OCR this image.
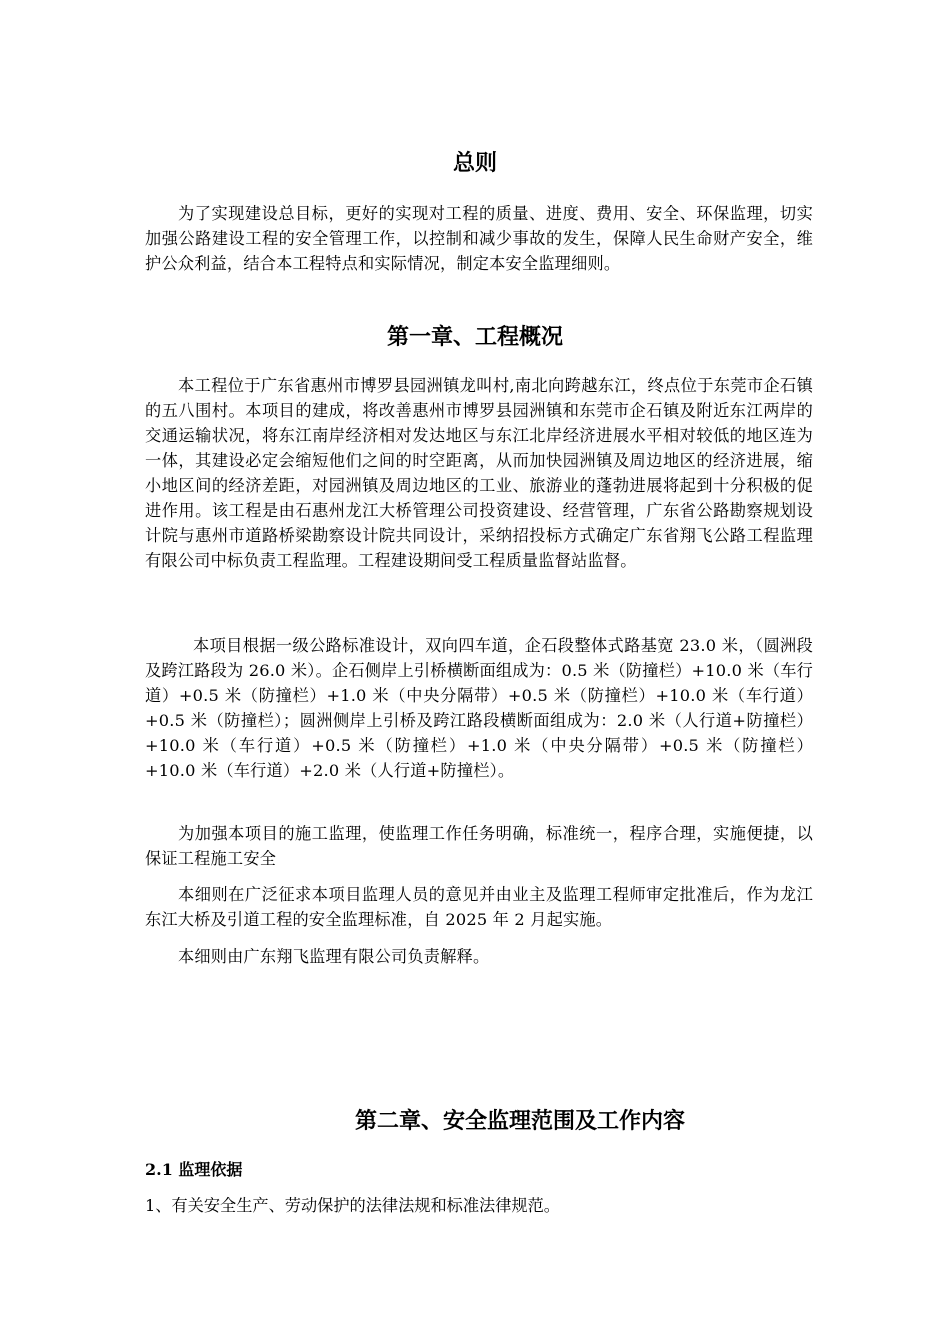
总则

为了实现建设总目标，更好的实现对工程的质量、进度、费用、安全、环保监理，切实加强公路建设工程的安全管理工作，以控制和减少事故的发生，保障人民生命财产安全，维护公众利益，结合本工程特点和实际情况，制定本安全监理细则。

第一章、工程概况

本工程位于广东省惠州市博罗县园洲镇龙叫村,南北向跨越东江，终点位于东莞市企石镇的五八围村。本项目的建成，将改善惠州市博罗县园洲镇和东莞市企石镇及附近东江两岸的交通运输状况，将东江南岸经济相对发达地区与东江北岸经济进展水平相对较低的地区连为一体，其建设必定会缩短他们之间的时空距离，从而加快园洲镇及周边地区的经济进展，缩小地区间的经济差距，对园洲镇及周边地区的工业、旅游业的蓬勃进展将起到十分积极的促进作用。该工程是由石惠州龙江大桥管理公司投资建设、经营管理，广东省公路勘察规划设计院与惠州市道路桥梁勘察设计院共同设计，采纳招投标方式确定广东省翔飞公路工程监理有限公司中标负责工程监理。工程建设期间受工程质量监督站监督。

本项目根据一级公路标准设计，双向四车道，企石段整体式路基宽 23.0 米，（圆洲段及跨江路段为 26.0 米）。企石侧岸上引桥横断面组成为：0.5 米（防撞栏）+10.0 米（车行道）+0.5 米（防撞栏）+1.0 米（中央分隔带）+0.5 米（防撞栏）+10.0 米（车行道）+0.5 米（防撞栏）；圆洲侧岸上引桥及跨江路段横断面组成为：2.0 米（人行道+防撞栏）+10.0 米（车行道）+0.5 米（防撞栏）+1.0 米（中央分隔带）+0.5 米（防撞栏）+10.0 米（车行道）+2.0 米（人行道+防撞栏）。

为加强本项目的施工监理，使监理工作任务明确，标准统一，程序合理，实施便捷，以保证工程施工安全

本细则在广泛征求本项目监理人员的意见并由业主及监理工程师审定批准后，作为龙江东江大桥及引道工程的安全监理标准，自 2025 年 2 月起实施。

本细则由广东翔飞监理有限公司负责解释。

第二章、安全监理范围及工作内容
2.1 监理依据

1、有关安全生产、劳动保护的法律法规和标准法律规范。
